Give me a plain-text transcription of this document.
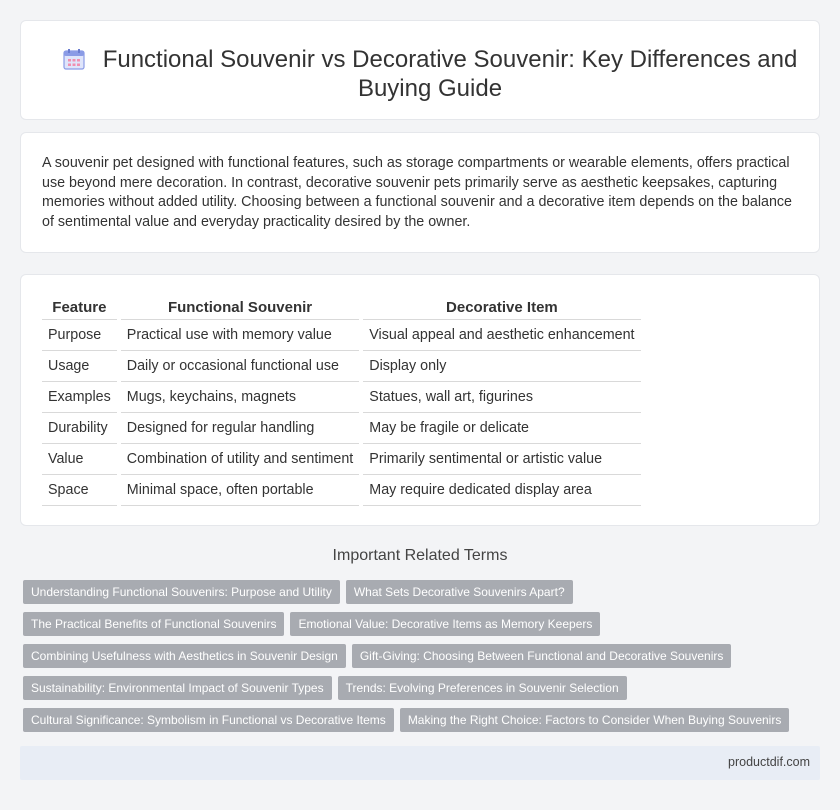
Functional Souvenir vs Decorative Souvenir: Key Differences and Buying Guide

A souvenir pet designed with functional features, such as storage compartments or wearable elements, offers practical use beyond mere decoration. In contrast, decorative souvenir pets primarily serve as aesthetic keepsakes, capturing memories without added utility. Choosing between a functional souvenir and a decorative item depends on the balance of sentimental value and everyday practicality desired by the owner.

Feature		Functional Souvenir		Decorative Item
Purpose		Practical use with memory value		Visual appeal and aesthetic enhancement
Usage		Daily or occasional functional use		Display only
Examples		Mugs, keychains, magnets		Statues, wall art, figurines
Durability		Designed for regular handling		May be fragile or delicate
Value		Combination of utility and sentiment		Primarily sentimental or artistic value
Space		Minimal space, often portable		May require dedicated display area
Important Related Terms
Understanding Functional Souvenirs: Purpose and Utility What Sets Decorative Souvenirs Apart?
The Practical Benefits of Functional Souvenirs Emotional Value: Decorative Items as Memory Keepers
Combining Usefulness with Aesthetics in Souvenir Design Gift-Giving: Choosing Between Functional and Decorative Souvenirs
Sustainability: Environmental Impact of Souvenir Types Trends: Evolving Preferences in Souvenir Selection
Cultural Significance: Symbolism in Functional vs Decorative Items Making the Right Choice: Factors to Consider When Buying Souvenirs
productdif.com
